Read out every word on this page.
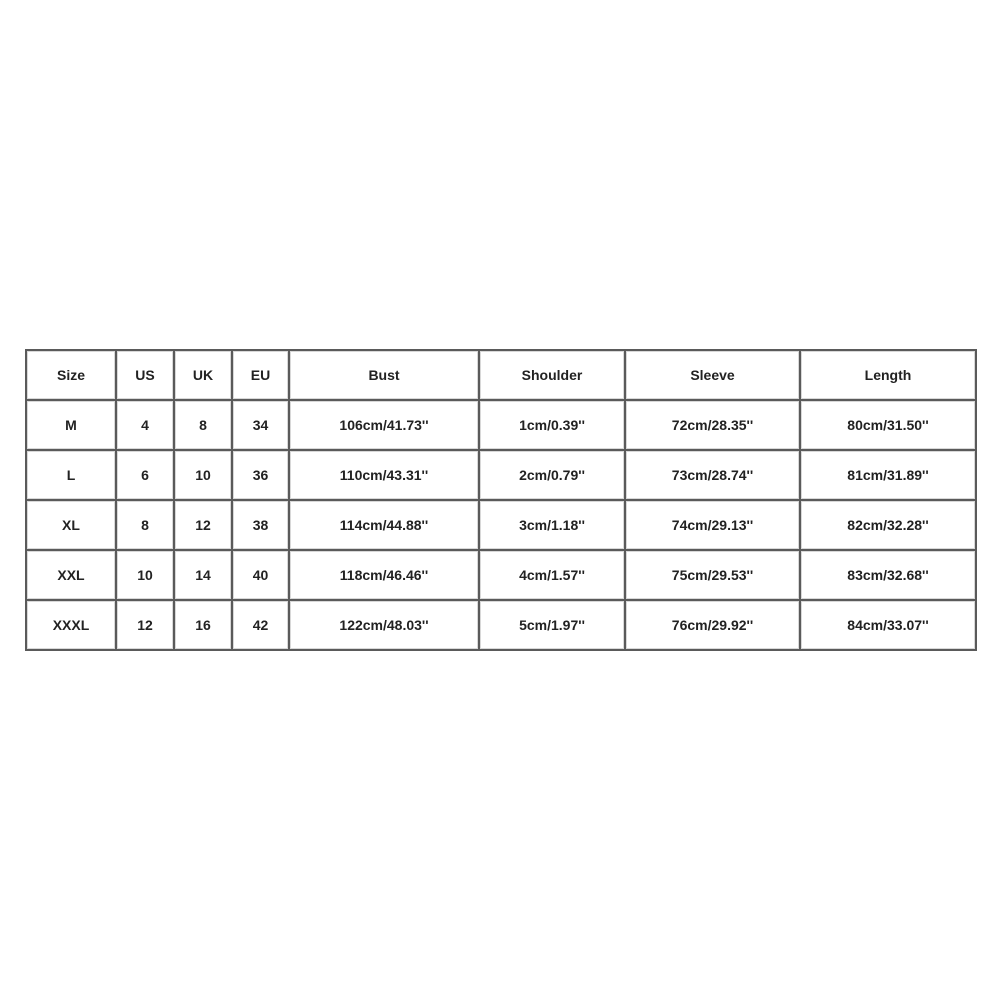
Size	US	UK	EU	Bust	Shoulder	Sleeve	Length
M	4	8	34	106cm/41.73''	1cm/0.39''	72cm/28.35''	80cm/31.50''
L	6	10	36	110cm/43.31''	2cm/0.79''	73cm/28.74''	81cm/31.89''
XL	8	12	38	114cm/44.88''	3cm/1.18''	74cm/29.13''	82cm/32.28''
XXL	10	14	40	118cm/46.46''	4cm/1.57''	75cm/29.53''	83cm/32.68''
XXXL	12	16	42	122cm/48.03''	5cm/1.97''	76cm/29.92''	84cm/33.07''
